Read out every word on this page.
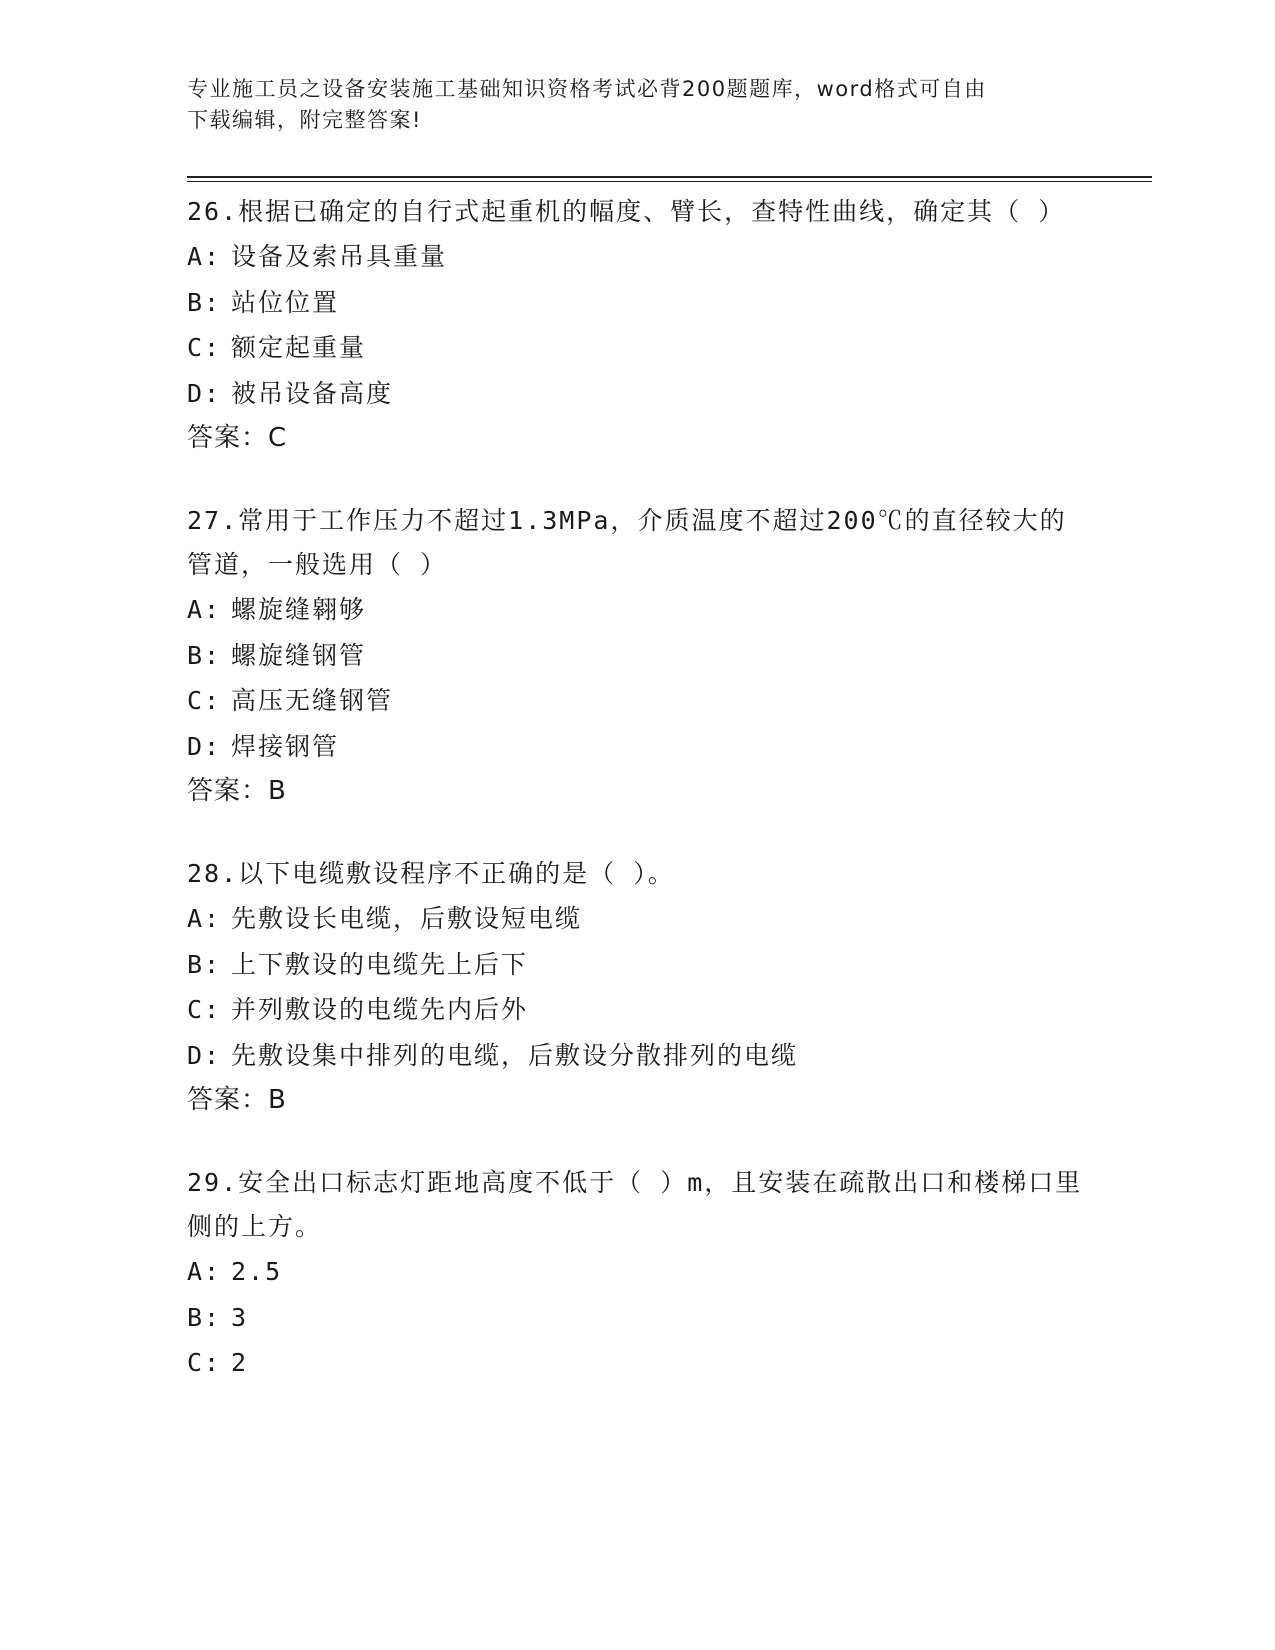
专业施工员之设备安装施工基础知识资格考试必背200题题库，word格式可自由
下载编辑，附完整答案!
26.根据已确定的自行式起重机的幅度、臂长，查特性曲线，确定其（ ）
A: 设备及索吊具重量
B: 站位位置
C: 额定起重量
D: 被吊设备高度
答案：C
27.常用于工作压力不超过1.3MPa，介质温度不超过200℃的直径较大的管道，一般选用（ ）
A: 螺旋缝翱够
B: 螺旋缝钢管
C: 高压无缝钢管
D: 焊接钢管
答案：B
28.以下电缆敷设程序不正确的是（ ）。
A: 先敷设长电缆，后敷设短电缆
B: 上下敷设的电缆先上后下
C: 并列敷设的电缆先内后外
D: 先敷设集中排列的电缆，后敷设分散排列的电缆
答案：B
29.安全出口标志灯距地高度不低于（ ）m，且安装在疏散出口和楼梯口里侧的上方。
A: 2.5
B: 3
C: 2
